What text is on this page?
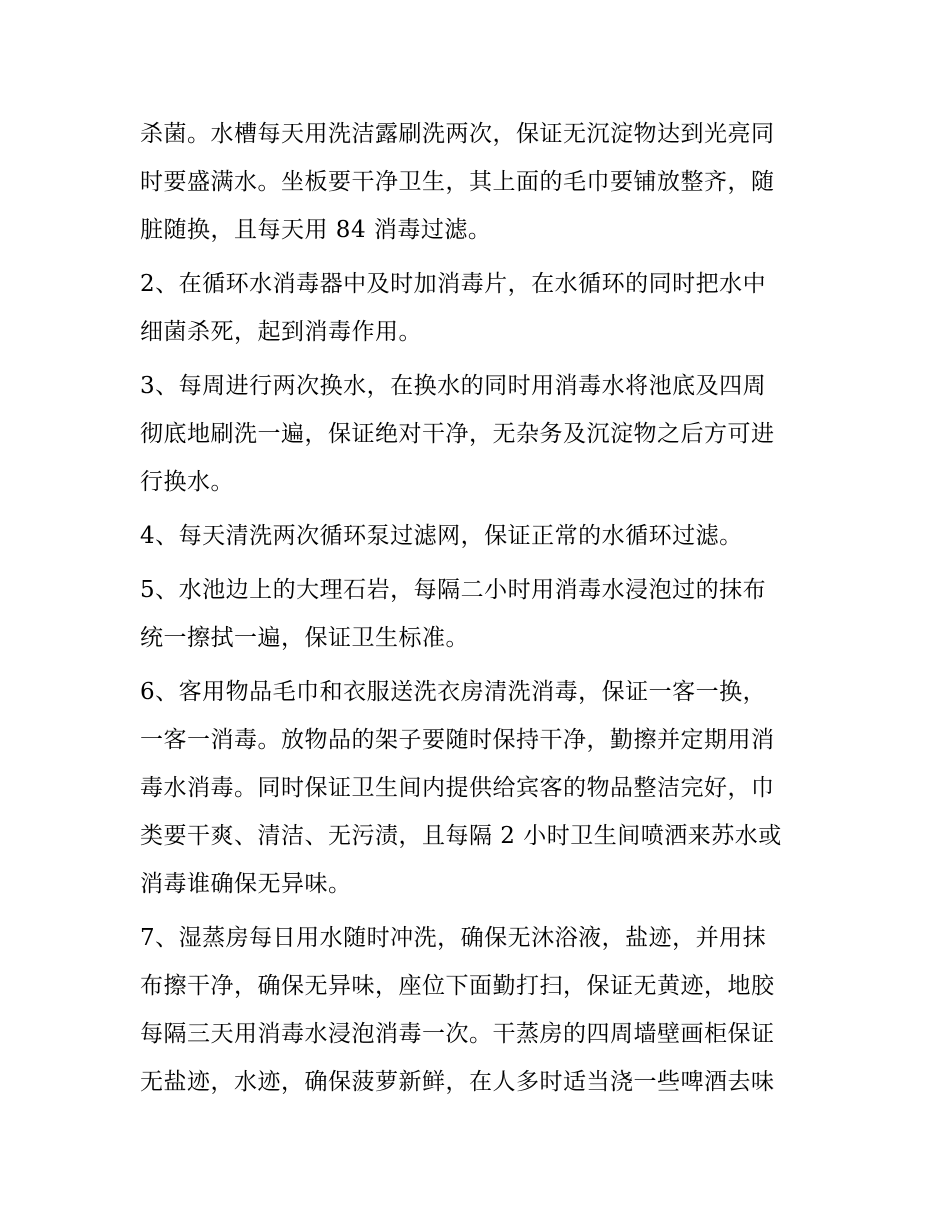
杀菌。水槽每天用洗洁露刷洗两次，保证无沉淀物达到光亮同
时要盛满水。坐板要干净卫生，其上面的毛巾要铺放整齐，随
脏随换，且每天用 84 消毒过滤。
2、在循环水消毒器中及时加消毒片，在水循环的同时把水中
细菌杀死，起到消毒作用。
3、每周进行两次换水，在换水的同时用消毒水将池底及四周
彻底地刷洗一遍，保证绝对干净，无杂务及沉淀物之后方可进
行换水。
4、每天清洗两次循环泵过滤网，保证正常的水循环过滤。
5、水池边上的大理石岩，每隔二小时用消毒水浸泡过的抹布
统一擦拭一遍，保证卫生标准。
6、客用物品毛巾和衣服送洗衣房清洗消毒，保证一客一换，
一客一消毒。放物品的架子要随时保持干净，勤擦并定期用消
毒水消毒。同时保证卫生间内提供给宾客的物品整洁完好，巾
类要干爽、清洁、无污渍，且每隔 2 小时卫生间喷洒来苏水或
消毒谁确保无异味。
7、湿蒸房每日用水随时冲洗，确保无沐浴液，盐迹，并用抹
布擦干净，确保无异味，座位下面勤打扫，保证无黄迹，地胶
每隔三天用消毒水浸泡消毒一次。干蒸房的四周墙壁画柜保证
无盐迹，水迹，确保菠萝新鲜，在人多时适当浇一些啤酒去味
